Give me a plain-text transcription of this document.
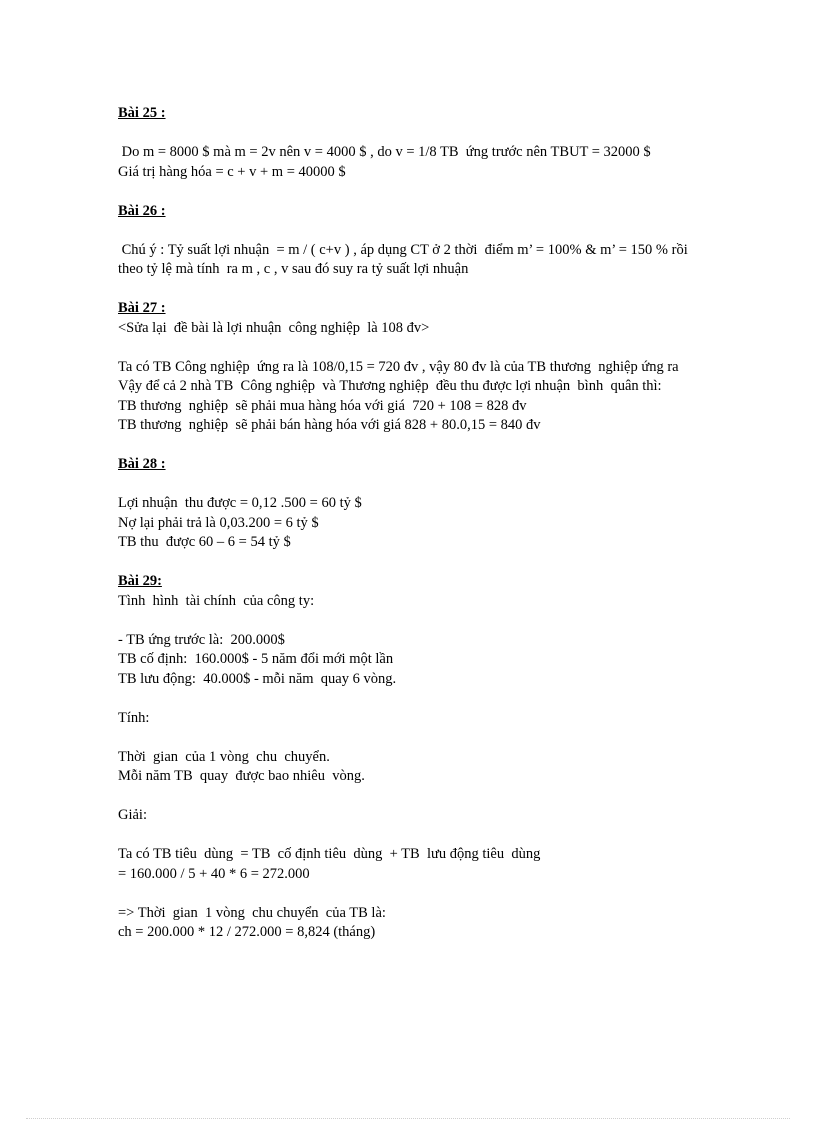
Bài 25 :
Do m = 8000 $ mà m = 2v nên v = 4000 $ , do v = 1/8 TB  ứng trước nên TBUT = 32000 $
Giá trị hàng hóa = c + v + m = 40000 $
Bài 26 :
Chú ý : Tỷ suất lợi nhuận  = m / ( c+v ) , áp dụng CT ở 2 thời  điểm m’ = 100% & m’ = 150 % rồi theo tỷ lệ mà tính  ra m , c , v sau đó suy ra tỷ suất lợi nhuận
Bài 27 :
<Sửa lại  đề bài là lợi nhuận  công nghiệp  là 108 đv>
Ta có TB Công nghiệp  ứng ra là 108/0,15 = 720 đv , vậy 80 đv là của TB thương  nghiệp ứng ra
Vậy để cả 2 nhà TB  Công nghiệp  và Thương nghiệp  đều thu được lợi nhuận  bình  quân thì:
TB thương  nghiệp  sẽ phải mua hàng hóa với giá  720 + 108 = 828 đv
TB thương  nghiệp  sẽ phải bán hàng hóa với giá 828 + 80.0,15 = 840 đv
Bài 28 :
Lợi nhuận  thu được = 0,12 .500 = 60 tỷ $
Nợ lại phải trả là 0,03.200 = 6 tỷ $
TB thu  được 60 – 6 = 54 tỷ $
Bài 29:
Tình  hình  tài chính  của công ty:
- TB ứng trước là:  200.000$
TB cố định:  160.000$ - 5 năm đổi mới một lần
TB lưu động:  40.000$ - mỗi năm  quay 6 vòng.
Tính:
Thời  gian  của 1 vòng  chu  chuyển.
Mỗi năm TB  quay  được bao nhiêu  vòng.
Giải:
Ta có TB tiêu  dùng  = TB  cố định tiêu  dùng  + TB  lưu động tiêu  dùng
= 160.000 / 5 + 40 * 6 = 272.000
=> Thời  gian  1 vòng  chu chuyển  của TB là:
ch = 200.000 * 12 / 272.000 = 8,824 (tháng)
